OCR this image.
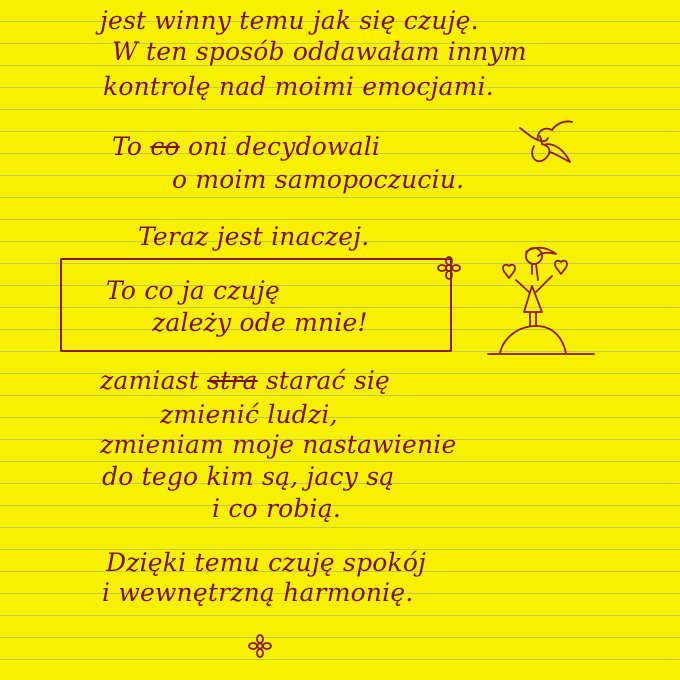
jest winny temu jak się czuję.

W ten sposób oddawałam innym

kontrolę nad moimi emocjami.

To co oni decydowali

o moim samopoczuciu.

Teraz jest inaczej.

To co ja czuję

zależy ode mnie!

zamiast stra starać się

zmienić ludzi,

zmieniam moje nastawienie

do tego kim są, jacy są

i co robią.

Dzięki temu czuję spokój

i wewnętrzną harmonię.
